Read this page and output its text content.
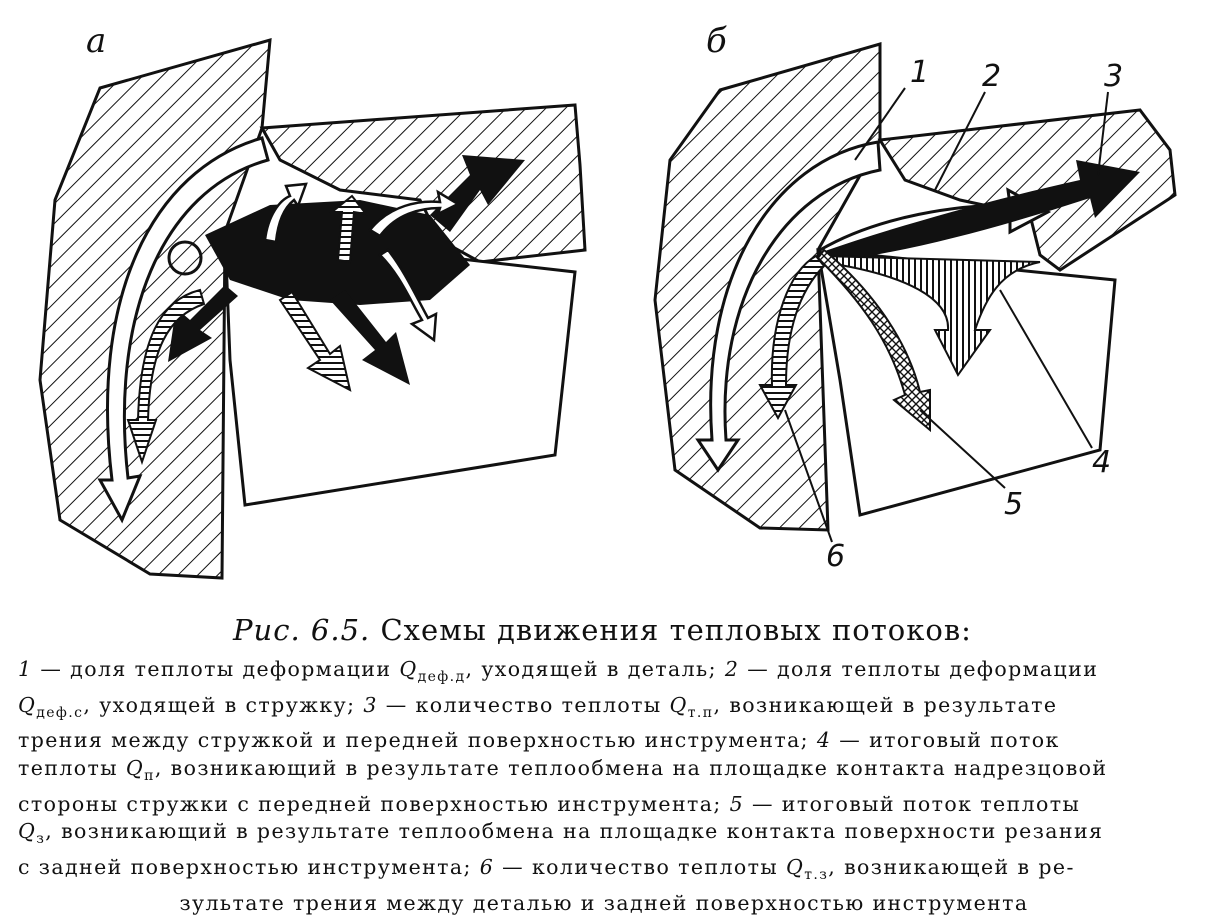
а	б
1 2	3
4
5
6
Рис. 6.5. Схемы движения тепловых потоков:
1 — доля теплоты деформации $Q_{деф.д}$, уходящей в деталь; 2 — доля теплоты деформации
$Q_{деф.с}$, уходящей в стружку; 3 — количество теплоты $Q_{т.п}$, возникающей в результате
трения между стружкой и передней поверхностью инструмента; 4 — итоговый поток
теплоты $Q_п$, возникающий в результате теплообмена на площадке контакта надрезцовой
стороны стружки с передней поверхностью инструмента; 5 — итоговый поток теплоты
$Q_з$, возникающий в результате теплообмена на площадке контакта поверхности резания
с задней поверхностью инструмента; 6 — количество теплоты $Q_{т.з}$, возникающей в ре-
зультате трения между деталью и задней поверхностью инструмента
